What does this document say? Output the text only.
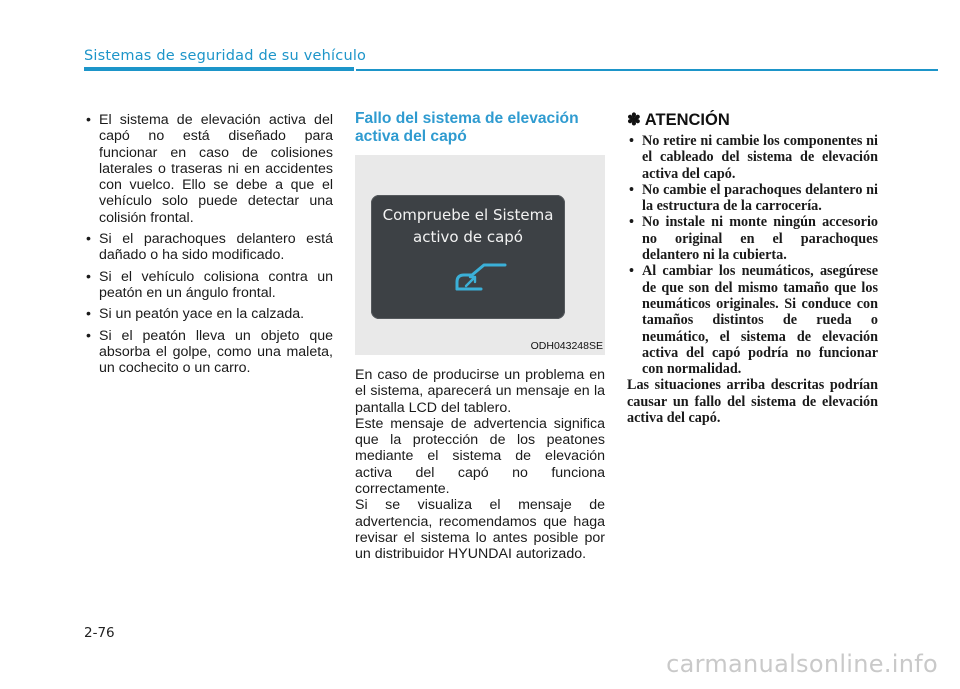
Sistemas de seguridad de su vehículo
• El sistema de elevación activa del capó no está diseñado para funcionar en caso de colisiones laterales o traseras ni en accidentes con vuelco. Ello se debe a que el vehículo solo puede detectar una colisión frontal.
• Si el parachoques delantero está dañado o ha sido modificado.
• Si el vehículo colisiona contra un peatón en un ángulo frontal.
• Si un peatón yace en la calzada.
• Si el peatón lleva un objeto que absorba el golpe, como una maleta, un cochecito o un carro.
Fallo del sistema de elevación activa del capó
Compruebe el Sistema
activo de capó
ODH043248SE

En caso de producirse un problema en el sistema, aparecerá un mensaje en la pantalla LCD del tablero.

Este mensaje de advertencia significa que la protección de los peatones mediante el sistema de elevación activa del capó no funciona correctamente.

Si se visualiza el mensaje de advertencia, recomendamos que haga revisar el sistema lo antes posible por un distribuidor HYUNDAI autorizado.

✽ ATENCIÓN
• No retire ni cambie los componentes ni el cableado del sistema de elevación activa del capó.
• No cambie el parachoques delantero ni la estructura de la carrocería.
• No instale ni monte ningún accesorio no original en el parachoques delantero ni la cubierta.
• Al cambiar los neumáticos, asegúrese de que son del mismo tamaño que los neumáticos originales. Si conduce con tamaños distintos de rueda o neumático, el sistema de elevación activa del capó podría no funcionar con normalidad.

Las situaciones arriba descritas podrían causar un fallo del sistema de elevación activa del capó.

2-76
carmanualsonline.info
